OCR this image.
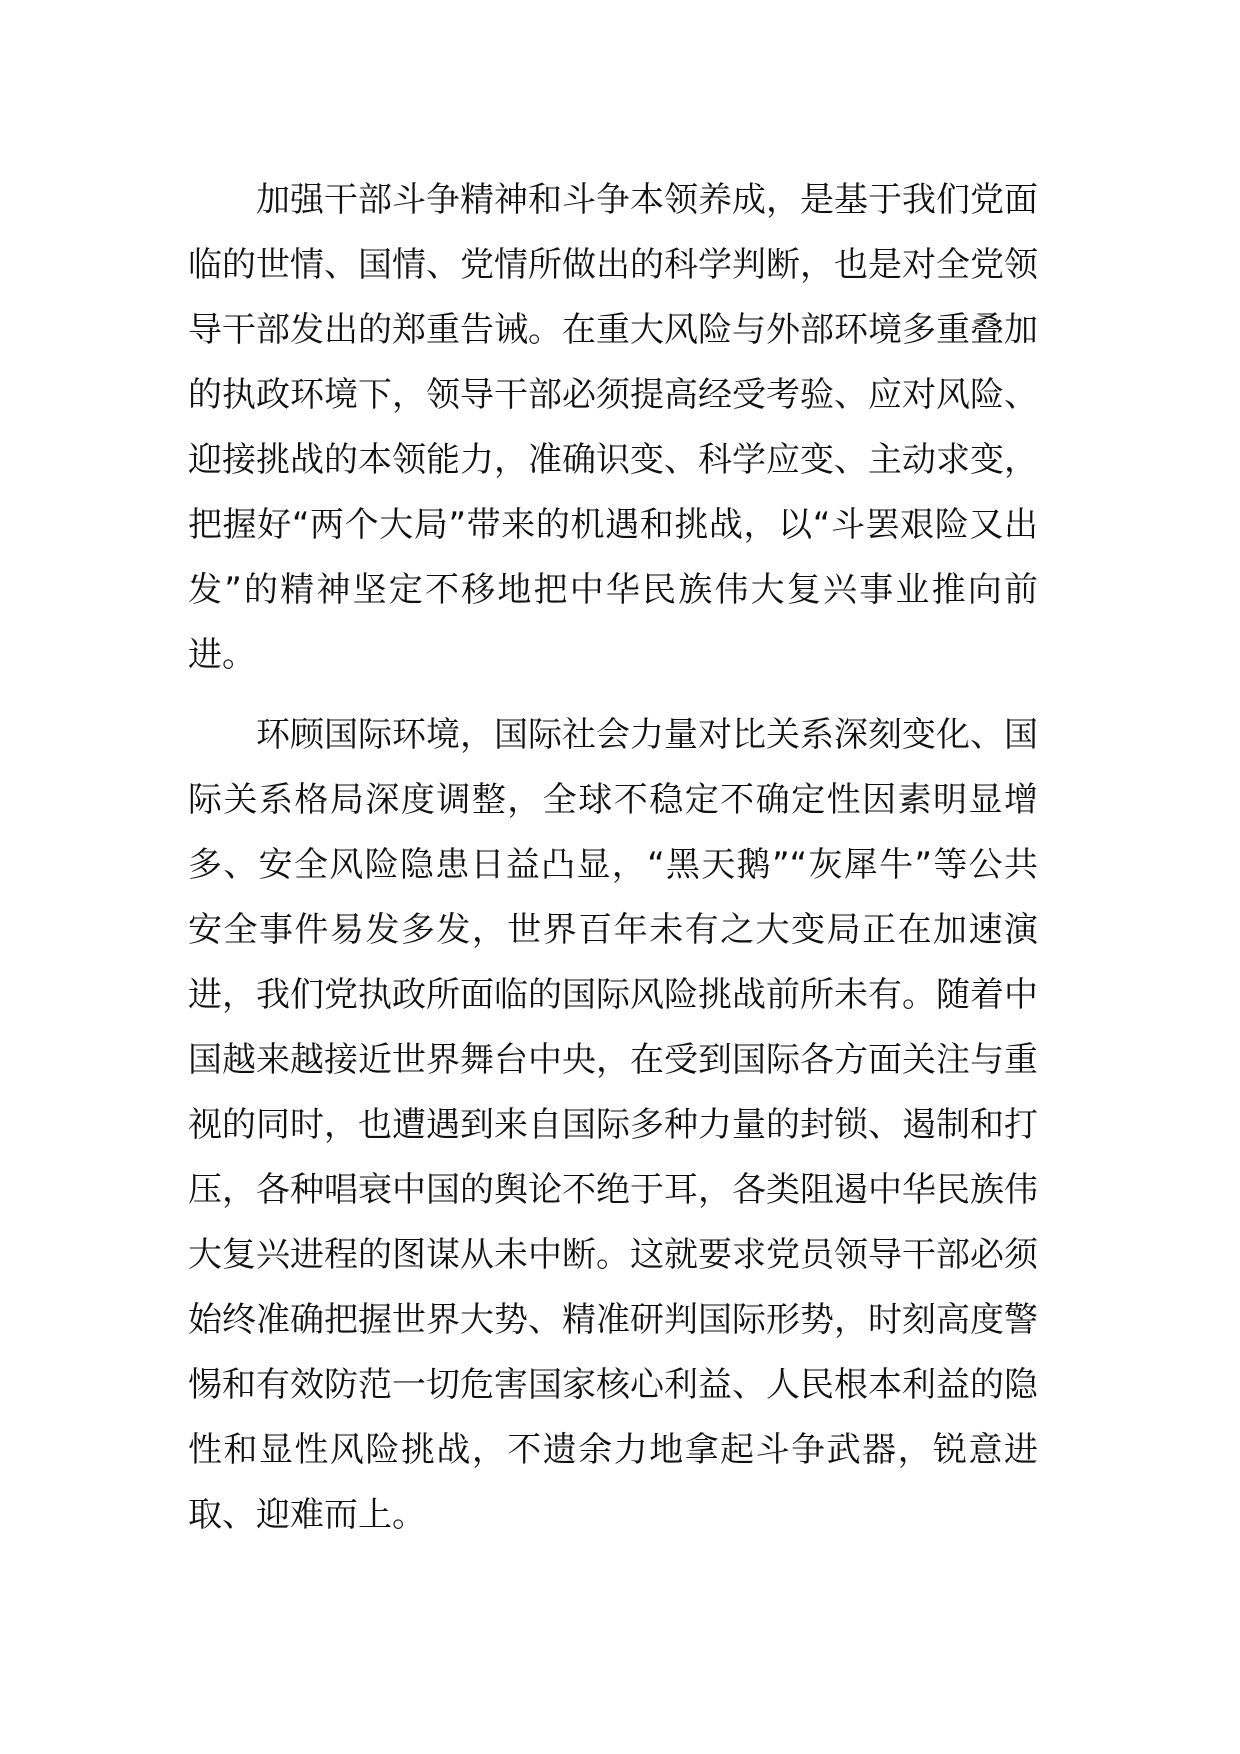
加强干部斗争精神和斗争本领养成，是基于我们党面临的世情、国情、党情所做出的科学判断，也是对全党领导干部发出的郑重告诫。在重大风险与外部环境多重叠加的执政环境下，领导干部必须提高经受考验、应对风险、迎接挑战的本领能力，准确识变、科学应变、主动求变，把握好“两个大局”带来的机遇和挑战，以“斗罢艰险又出发”的精神坚定不移地把中华民族伟大复兴事业推向前进。

环顾国际环境，国际社会力量对比关系深刻变化、国际关系格局深度调整，全球不稳定不确定性因素明显增多、安全风险隐患日益凸显，“黑天鹅”“灰犀牛”等公共安全事件易发多发，世界百年未有之大变局正在加速演进，我们党执政所面临的国际风险挑战前所未有。随着中国越来越接近世界舞台中央，在受到国际各方面关注与重视的同时，也遭遇到来自国际多种力量的封锁、遏制和打压，各种唱衰中国的舆论不绝于耳，各类阻遏中华民族伟大复兴进程的图谋从未中断。这就要求党员领导干部必须始终准确把握世界大势、精准研判国际形势，时刻高度警惕和有效防范一切危害国家核心利益、人民根本利益的隐性和显性风险挑战，不遗余力地拿起斗争武器，锐意进取、迎难而上。
